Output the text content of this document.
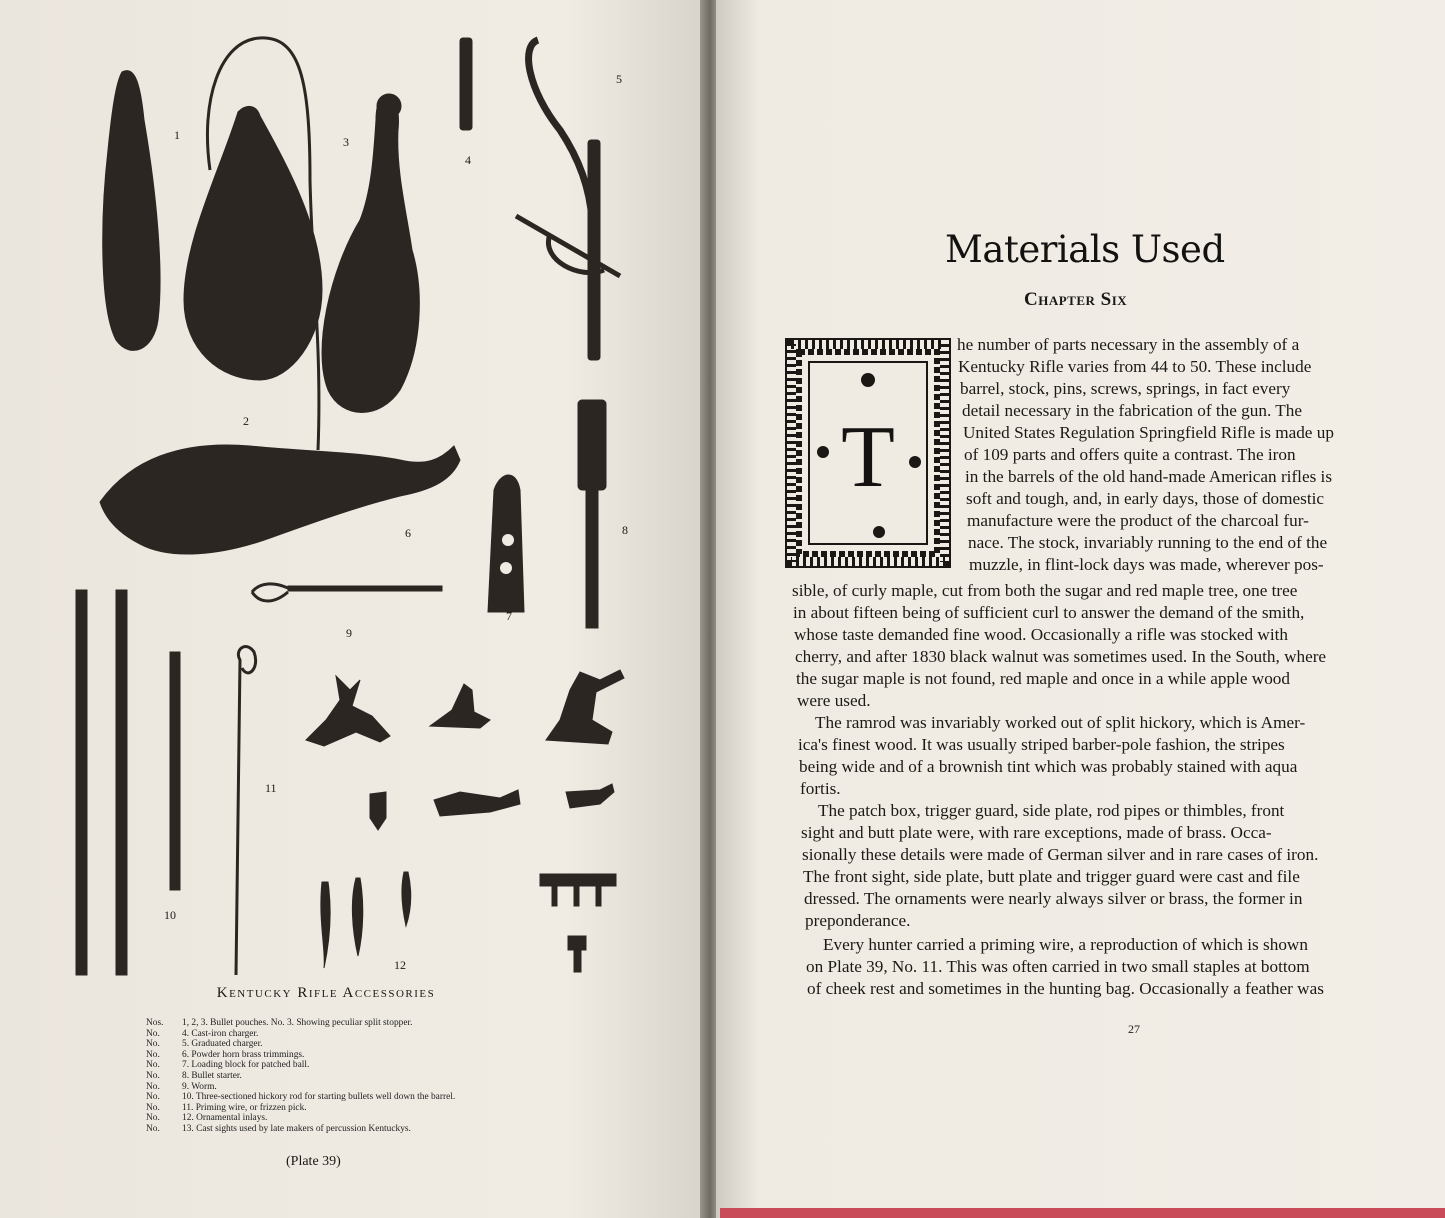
1
2
3
4
5
6
7
8
9
10
11
12
Kentucky Rifle Accessories
Nos. 1, 2, 3. Bullet pouches. No. 3. Showing peculiar split stopper.
No. 4. Cast-iron charger.
No. 5. Graduated charger.
No. 6. Powder horn brass trimmings.
No. 7. Loading block for patched ball.
No. 8. Bullet starter.
No. 9. Worm.
No. 10. Three-sectioned hickory rod for starting bullets well down the barrel.
No. 11. Priming wire, or frizzen pick.
No. 12. Ornamental inlays.
No. 13. Cast sights used by late makers of percussion Kentuckys.
(Plate 39)
Materials Used
Chapter Six
T

he number of parts necessary in the assembly of a

Kentucky Rifle varies from 44 to 50. These include

barrel, stock, pins, screws, springs, in fact every

detail necessary in the fabrication of the gun. The

United States Regulation Springfield Rifle is made up

of 109 parts and offers quite a contrast. The iron

in the barrels of the old hand-made American rifles is

soft and tough, and, in early days, those of domestic

manufacture were the product of the charcoal fur-

nace. The stock, invariably running to the end of the

muzzle, in flint-lock days was made, wherever pos-

sible, of curly maple, cut from both the sugar and red maple tree, one tree

in about fifteen being of sufficient curl to answer the demand of the smith,

whose taste demanded fine wood. Occasionally a rifle was stocked with

cherry, and after 1830 black walnut was sometimes used. In the South, where

the sugar maple is not found, red maple and once in a while apple wood

were used.

The ramrod was invariably worked out of split hickory, which is Amer-

ica's finest wood. It was usually striped barber-pole fashion, the stripes

being wide and of a brownish tint which was probably stained with aqua

fortis.

The patch box, trigger guard, side plate, rod pipes or thimbles, front

sight and butt plate were, with rare exceptions, made of brass. Occa-

sionally these details were made of German silver and in rare cases of iron.

The front sight, side plate, butt plate and trigger guard were cast and file

dressed. The ornaments were nearly always silver or brass, the former in

preponderance.

Every hunter carried a priming wire, a reproduction of which is shown

on Plate 39, No. 11. This was often carried in two small staples at bottom

of cheek rest and sometimes in the hunting bag. Occasionally a feather was

27
